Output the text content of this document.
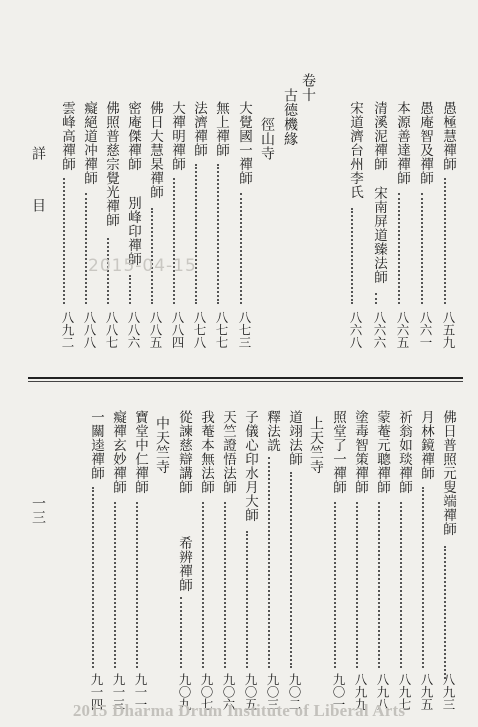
詳
目
一三
卷十
古德機緣	愚極慧禪師
八五九
愚庵智及禪師
八六一
本源善達禪師
八六五
清溪泥禪師
宋南屏道臻法師
八六六
宋道濟台州李氏
八六八
徑山寺
大覺國一禪師
八七三
無上禪師
八七七
法濟禪師
八七八
大禪明禪師
八八四
佛日大慧杲禪師
八八五
密庵傑禪師
別峰印禪師
八八六
佛照普慈宗覺光禪師
八八七
癡絕道冲禪師
八八八
雲峰高禪師
八九二
佛日普照元叟端禪師
八九三
月林鏡禪師
八九五
祈翁如琰禪師
八九七
蒙菴元聰禪師
八九八
塗毒智策禪師
八九九
照堂了一禪師
九〇一
上天竺寺
道翊法師
九〇二
釋法詵
九〇三
子儀心印水月大師
九〇五
天竺證悟法師
九〇六
我菴本無法師
九〇七
從諫慈辯講師
希辨禪師
九〇九
中天竺寺
寶堂中仁禪師
九一一
癡禪玄妙禪師
九一三
一關逵禪師
九一四
2015-04-15
2015 Dharma Drum Institute of Liberal Arts
